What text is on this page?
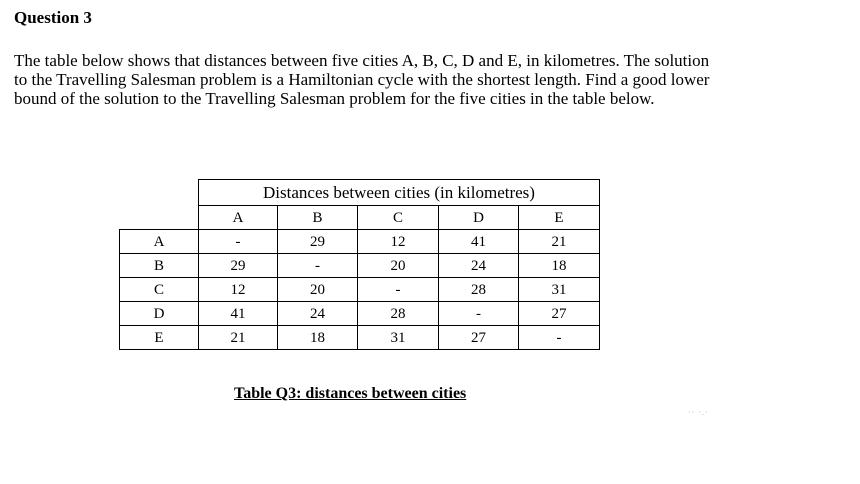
Question 3

The table below shows that distances between five cities A, B, C, D and E, in kilometres. The solution to the Travelling Salesman problem is a Hamiltonian cycle with the shortest length. Find a good lower bound of the solution to the Travelling Salesman problem for the five cities in the table below.

	Distances between cities (in kilometres)				
	A	B	C	D	E
A	-	29	12	41	21
B	29	-	20	24	18
C	12	20	-	28	31
D	41	24	28	-	27
E	21	18	31	27	-

Table Q3: distances between cities

·· ·.·
